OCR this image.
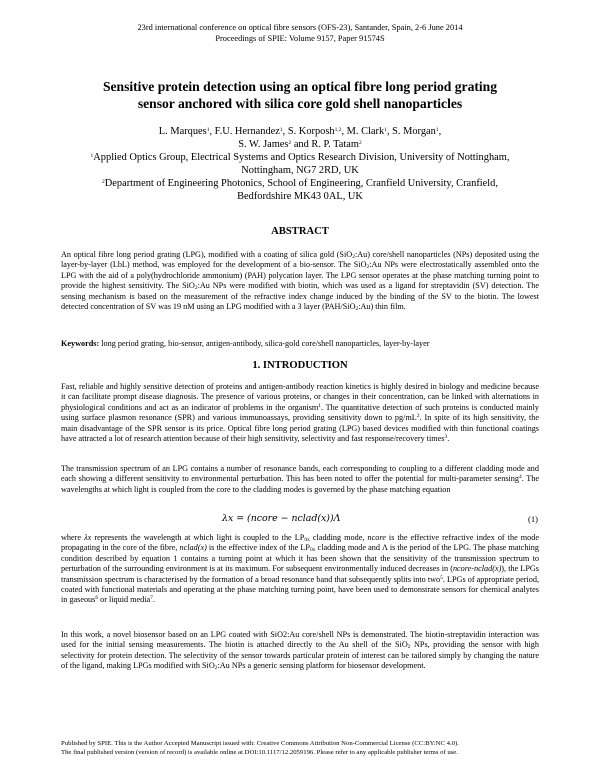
23rd international conference on optical fibre sensors (OFS-23), Santander, Spain, 2-6 June 2014
Proceedings of SPIE: Volume 9157, Paper 91574S
Sensitive protein detection using an optical fibre long period grating
sensor anchored with silica core gold shell nanoparticles
L. Marques$^1$, F.U. Hernandez$^1$, S. Korposh$^{1,2}$, M. Clark$^1$, S. Morgan$^1$,
S. W. James$^2$ and R. P. Tatam$^2$
$^1$Applied Optics Group, Electrical Systems and Optics Research Division, University of Nottingham,
Nottingham, NG7 2RD, UK
$^2$Department of Engineering Photonics, School of Engineering, Cranfield University, Cranfield,
Bedfordshire MK43 0AL, UK
ABSTRACT

An optical fibre long period grating (LPG), modified with a coating of silica gold (SiO$_2$:Au) core/shell nanoparticles (NPs) deposited using the layer-by-layer (LbL) method, was employed for the development of a bio-sensor. The SiO$_2$:Au NPs were electrostatically assembled onto the LPG with the aid of a poly(hydrochloride ammonium) (PAH) polycation layer. The LPG sensor operates at the phase matching turning point to provide the highest sensitivity. The SiO$_2$:Au NPs were modified with biotin, which was used as a ligand for streptavidin (SV) detection. The sensing mechanism is based on the measurement of the refractive index change induced by the binding of the SV to the biotin. The lowest detected concentration of SV was 19 nM using an LPG modified with a 3 layer (PAH/SiO$_2$:Au) thin film.

Keywords: long period grating, bio-sensor, antigen-antibody, silica-gold core/shell nanoparticles, layer-by-layer

1. INTRODUCTION

Fast, reliable and highly sensitive detection of proteins and antigen-antibody reaction kinetics is highly desired in biology and medicine because it can facilitate prompt disease diagnosis. The presence of various proteins, or changes in their concentration, can be linked with alternations in physiological conditions and act as an indicator of problems in the organism$^1$. The quantitative detection of such proteins is conducted mainly using surface plasmon resonance (SPR) and various immunoassays, providing sensitivity down to $pg/mL^2$. In spite of its high sensitivity, the main disadvantage of the SPR sensor is its price. Optical fibre long period grating (LPG) based devices modified with thin functional coatings have attracted a lot of research attention because of their high sensitivity, selectivity and fast response/recovery times$^3$.

The transmission spectrum of an LPG contains a number of resonance bands, each corresponding to coupling to a different cladding mode and each showing a different sensitivity to environmental perturbation. This has been noted to offer the potential for multi-parameter sensing$^4$. The wavelengths at which light is coupled from the core to the cladding modes is governed by the phase matching equation

λx = (ncore − nclad(x))Λ	(1)

where λx represents the wavelength at which light is coupled to the $LP_{0x}$ cladding mode, ncore is the effective refractive index of the mode propagating in the core of the fibre, nclad(x) is the effective index of the $LP_{0x}$ cladding mode and Λ is the period of the LPG. The phase matching condition described by equation 1 contains a turning point at which it has been shown that the sensitivity of the transmission spectrum to perturbation of the surrounding environment is at its maximum. For subsequent environmentally induced decreases in (ncore-nclad(x)), the LPGs transmission spectrum is characterised by the formation of a broad resonance band that subsequently splits into two$^5$. LPGs of appropriate period, coated with functional materials and operating at the phase matching turning point, have been used to demonstrate sensors for chemical analytes in gaseous$^6$ or liquid media$^7$.

In this work, a novel biosensor based on an LPG coated with SiO2:Au core/shell NPs is demonstrated. The biotin-streptavidin interaction was used for the initial sensing measurements. The biotin is attached directly to the Au shell of the SiO$_2$ NPs, providing the sensor with high selectivity for protein detection. The selectivity of the sensor towards particular protein of interest can be tailored simply by changing the nature of the ligand, making LPGs modified with SiO$_2$:Au NPs a generic sensing platform for biosensor development.

Published by SPIE. This is the Author Accepted Manuscript issued with: Creative Commons Attribution Non-Commercial License (CC:BY:NC 4.0).
The final published version (version of record) is available online at DOI:10.1117/12.2059196. Please refer to any applicable publisher terms of use.
